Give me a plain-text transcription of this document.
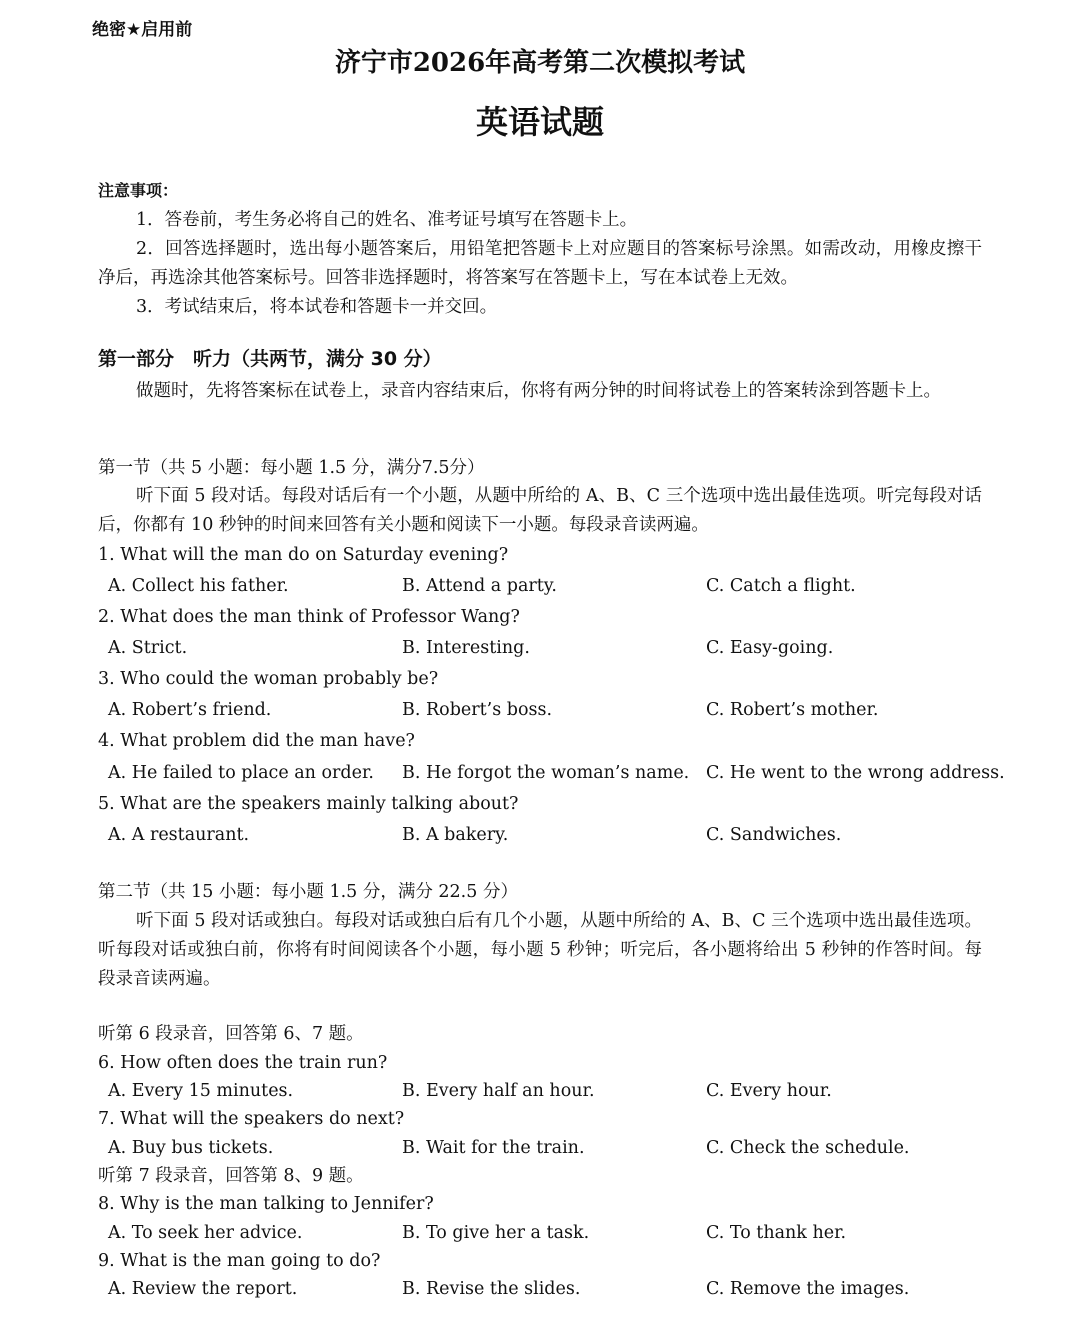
绝密★启用前
济宁市2026年高考第二次模拟考试
英语试题
注意事项：
1．答卷前，考生务必将自己的姓名、准考证号填写在答题卡上。
2．回答选择题时，选出每小题答案后，用铅笔把答题卡上对应题目的答案标号涂黑。如需改动，用橡皮擦干净后，再选涂其他答案标号。回答非选择题时，将答案写在答题卡上，写在本试卷上无效。
3．考试结束后，将本试卷和答题卡一并交回。
第一部分　听力（共两节，满分 30 分）
做题时，先将答案标在试卷上，录音内容结束后，你将有两分钟的时间将试卷上的答案转涂到答题卡上。
第一节（共 5 小题：每小题 1.5 分，满分7.5分）
听下面 5 段对话。每段对话后有一个小题，从题中所给的 A、B、C 三个选项中选出最佳选项。听完每段对话后，你都有 10 秒钟的时间来回答有关小题和阅读下一小题。每段录音读两遍。
1. What will the man do on Saturday evening?
A. Collect his father.	B. Attend a party.	C. Catch a flight.
2. What does the man think of Professor Wang?
A. Strict.	B. Interesting.	C. Easy-going.
3. Who could the woman probably be?
A. Robert’s friend.	B. Robert’s boss.	C. Robert’s mother.
4. What problem did the man have?
A. He failed to place an order. B. He forgot the woman’s name. C. He went to the wrong address.
5. What are the speakers mainly talking about?
A. A restaurant.	B. A bakery.	C. Sandwiches.
第二节（共 15 小题：每小题 1.5 分，满分 22.5 分）
听下面 5 段对话或独白。每段对话或独白后有几个小题，从题中所给的 A、B、C 三个选项中选出最佳选项。听每段对话或独白前，你将有时间阅读各个小题，每小题 5 秒钟；听完后，各小题将给出 5 秒钟的作答时间。每段录音读两遍。
听第 6 段录音，回答第 6、7 题。
6. How often does the train run?
A. Every 15 minutes.	B. Every half an hour.	C. Every hour.
7. What will the speakers do next?
A. Buy bus tickets.	B. Wait for the train.	C. Check the schedule.
听第 7 段录音，回答第 8、9 题。
8. Why is the man talking to Jennifer?
A. To seek her advice.	B. To give her a task.	C. To thank her.
9. What is the man going to do?
A. Review the report.	B. Revise the slides.	C. Remove the images.
